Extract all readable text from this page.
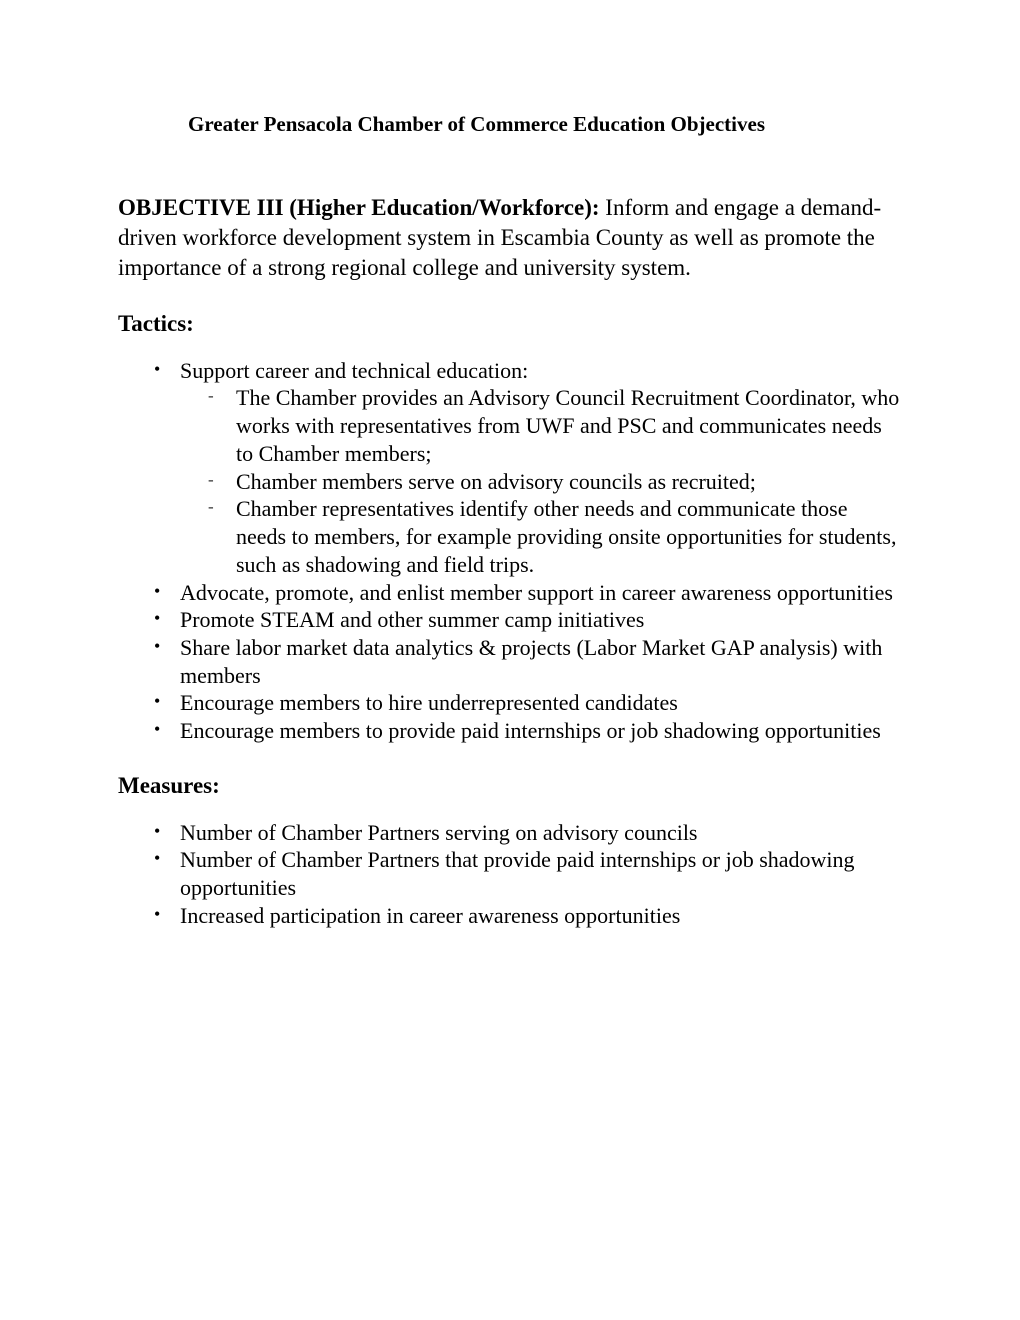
Greater Pensacola Chamber of Commerce Education Objectives

OBJECTIVE III (Higher Education/Workforce): Inform and engage a demand-driven workforce development system in Escambia County as well as promote the importance of a strong regional college and university system.

Tactics:
• Support career and technical education:
- The Chamber provides an Advisory Council Recruitment Coordinator, who works with representatives from UWF and PSC and communicates needs to Chamber members;
- Chamber members serve on advisory councils as recruited;
- Chamber representatives identify other needs and communicate those needs to members, for example providing onsite opportunities for students, such as shadowing and field trips.
• Advocate, promote, and enlist member support in career awareness opportunities
• Promote STEAM and other summer camp initiatives
• Share labor market data analytics & projects (Labor Market GAP analysis) with members
• Encourage members to hire underrepresented candidates
• Encourage members to provide paid internships or job shadowing opportunities
Measures:
• Number of Chamber Partners serving on advisory councils
• Number of Chamber Partners that provide paid internships or job shadowing opportunities
• Increased participation in career awareness opportunities
